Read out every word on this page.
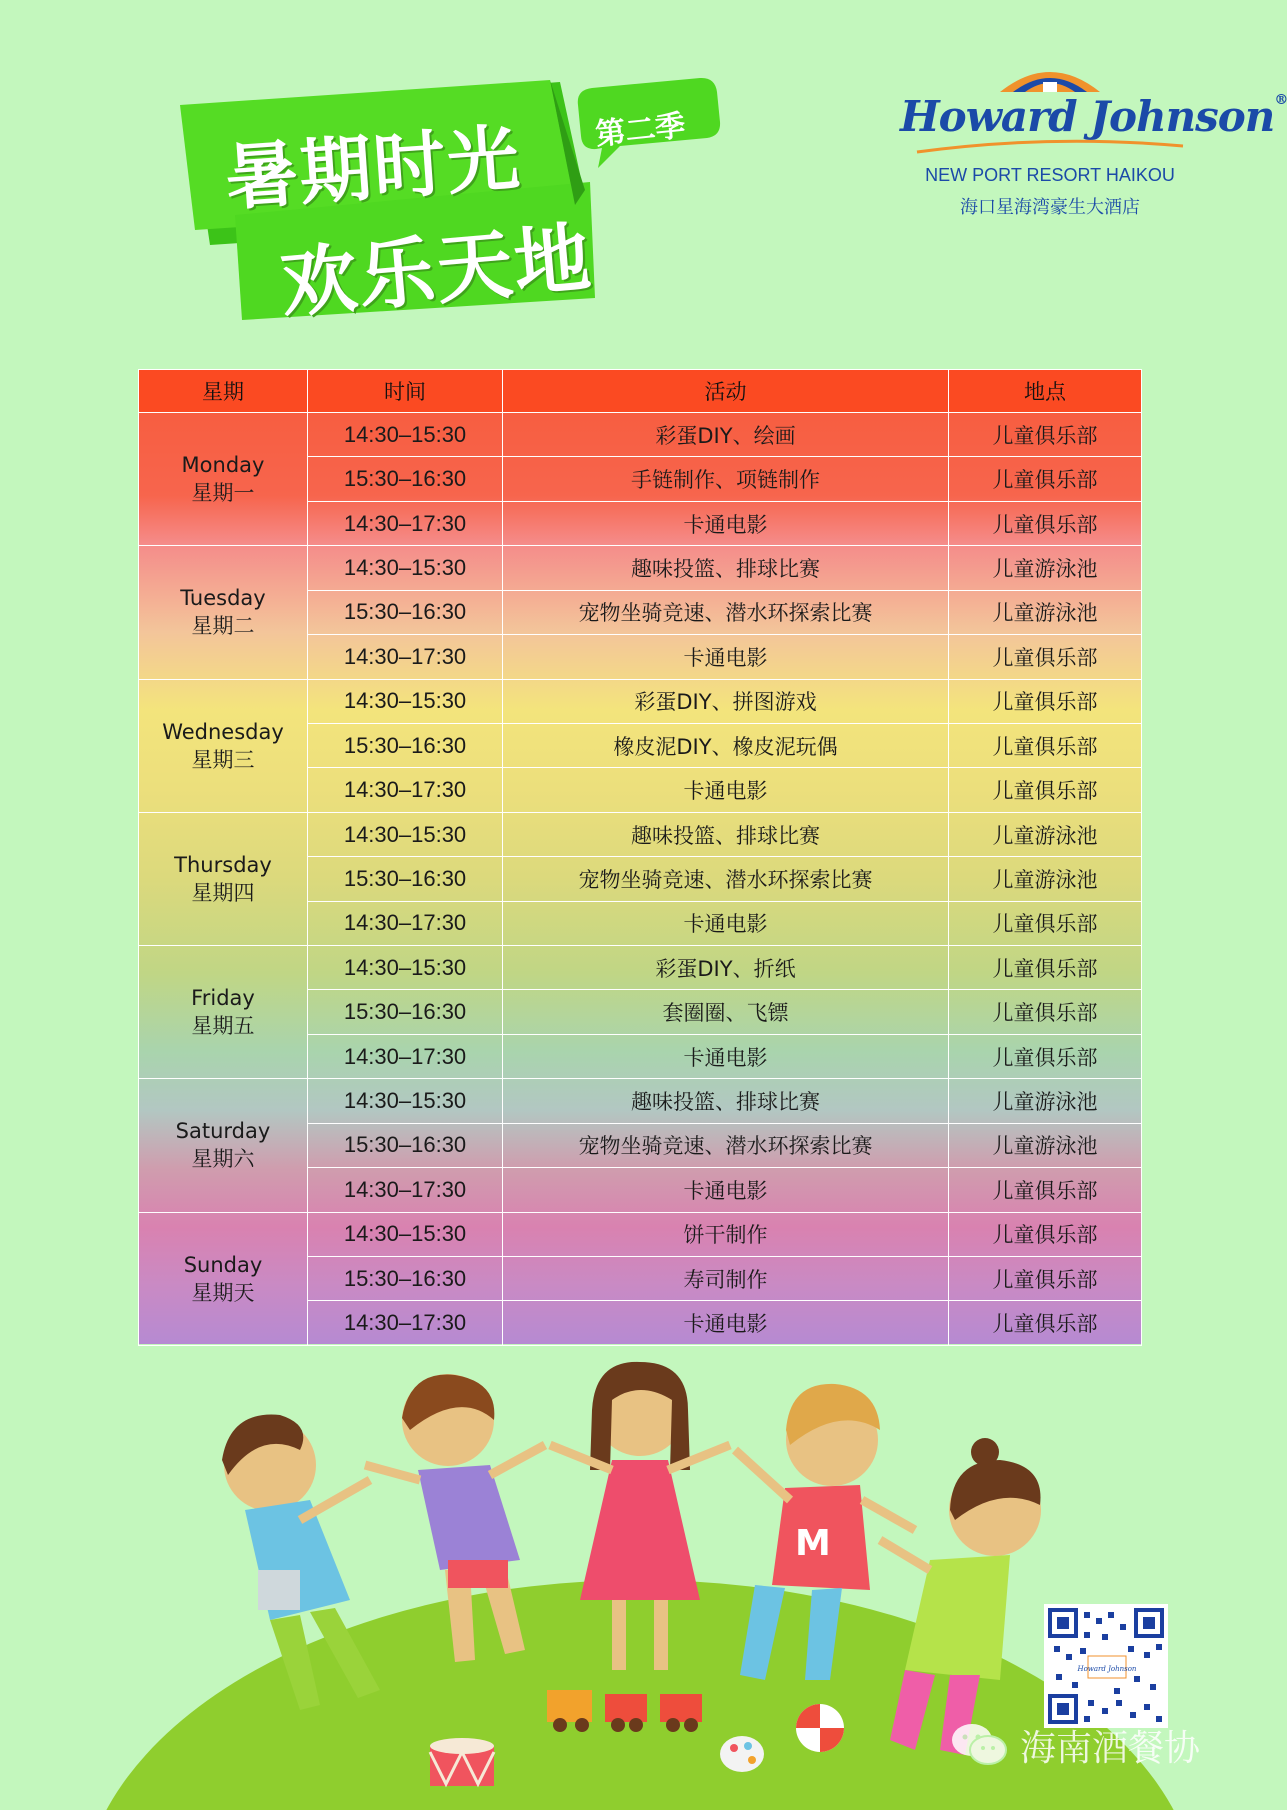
暑期时光
欢乐天地
第二季	Howard Johnson®
NEW PORT RESORT HAIKOU
海口星海湾豪生大酒店
星期	时间	活动	地点

Monday
星期一	14:30–15:30	彩蛋DIY、绘画	儿童俱乐部
	15:30–16:30	手链制作、项链制作	儿童俱乐部
	14:30–17:30	卡通电影	儿童俱乐部

Tuesday
星期二	14:30–15:30	趣味投篮、排球比赛	儿童游泳池
	15:30–16:30	宠物坐骑竞速、潜水环探索比赛	儿童游泳池
	14:30–17:30	卡通电影	儿童俱乐部

Wednesday
星期三	14:30–15:30	彩蛋DIY、拼图游戏	儿童俱乐部
	15:30–16:30	橡皮泥DIY、橡皮泥玩偶	儿童俱乐部
	14:30–17:30	卡通电影	儿童俱乐部

Thursday
星期四	14:30–15:30	趣味投篮、排球比赛	儿童游泳池
	15:30–16:30	宠物坐骑竞速、潜水环探索比赛	儿童游泳池
	14:30–17:30	卡通电影	儿童俱乐部

Friday
星期五	14:30–15:30	彩蛋DIY、折纸	儿童俱乐部
	15:30–16:30	套圈圈、飞镖	儿童俱乐部
	14:30–17:30	卡通电影	儿童俱乐部

Saturday
星期六	14:30–15:30	趣味投篮、排球比赛	儿童游泳池
	15:30–16:30	宠物坐骑竞速、潜水环探索比赛	儿童游泳池
	14:30–17:30	卡通电影	儿童俱乐部

Sunday
星期天	14:30–15:30	饼干制作	儿童俱乐部
	15:30–16:30	寿司制作	儿童俱乐部
	14:30–17:30	卡通电影	儿童俱乐部
M
Howard Johnson
海南酒餐协
